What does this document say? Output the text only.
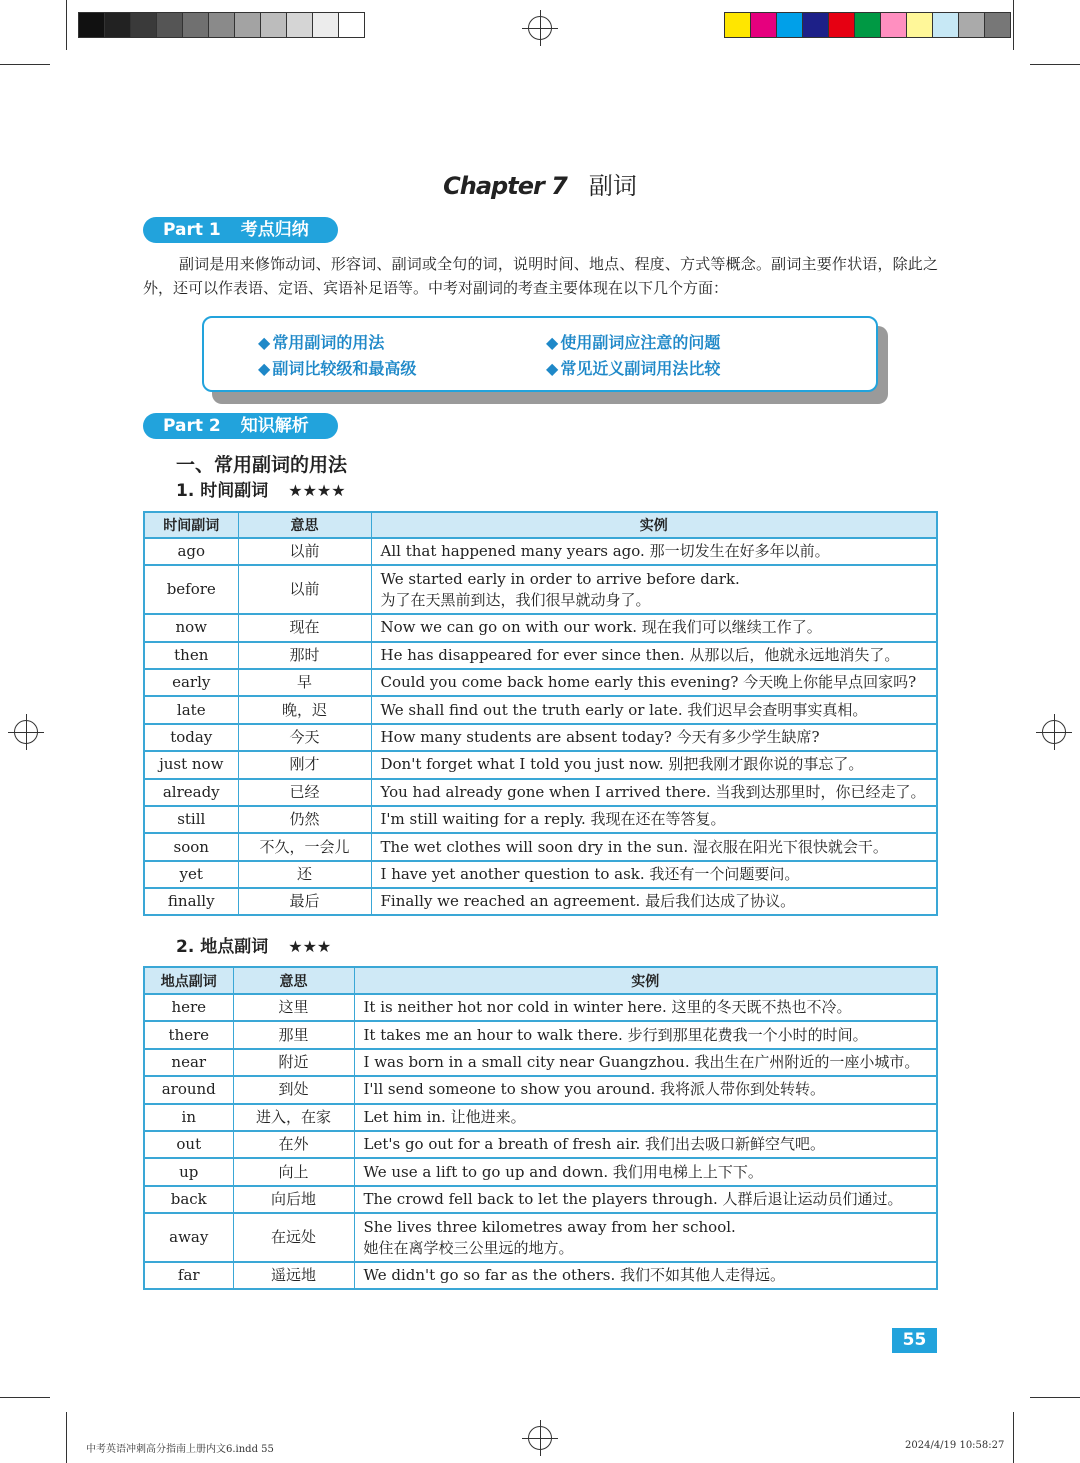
Chapter 7 副词
Part 1 考点归纳
副词是用来修饰动词、形容词、副词或全句的词，说明时间、地点、程度、方式等概念。副词主要作状语，除此之外，还可以作表语、定语、宾语补足语等。中考对副词的考查主要体现在以下几个方面：
◆ 常用副词的用法	◆ 使用副词应注意的问题
◆ 副词比较级和最高级	◆ 常见近义副词用法比较
Part 2 知识解析
一、常用副词的用法
1. 时间副词 ★★★★
时间副词	意思	实例
ago	以前	All that happened many years ago. 那一切发生在好多年以前。

before	以前	We started early in order to arrive before dark.
为了在天黑前到达，我们很早就动身了。

now	现在	Now we can go on with our work. 现在我们可以继续工作了。

then	那时	He has disappeared for ever since then. 从那以后，他就永远地消失了。

early	早	Could you come back home early this evening? 今天晚上你能早点回家吗?

late	晚，迟	We shall find out the truth early or late. 我们迟早会查明事实真相。

today	今天	How many students are absent today? 今天有多少学生缺席?

just now	刚才	Don't forget what I told you just now. 别把我刚才跟你说的事忘了。

already	已经	You had already gone when I arrived there. 当我到达那里时，你已经走了。

still	仍然	I'm still waiting for a reply. 我现在还在等答复。

soon	不久，一会儿	The wet clothes will soon dry in the sun. 湿衣服在阳光下很快就会干。

yet	还	I have yet another question to ask. 我还有一个问题要问。

finally	最后	Finally we reached an agreement. 最后我们达成了协议。
2. 地点副词 ★★★
地点副词	意思	实例
here	这里	It is neither hot nor cold in winter here. 这里的冬天既不热也不冷。

there	那里	It takes me an hour to walk there. 步行到那里花费我一个小时的时间。

near	附近	I was born in a small city near Guangzhou. 我出生在广州附近的一座小城市。

around	到处	I'll send someone to show you around. 我将派人带你到处转转。

in	进入，在家	Let him in. 让他进来。

out	在外	Let's go out for a breath of fresh air. 我们出去吸口新鲜空气吧。

up	向上	We use a lift to go up and down. 我们用电梯上上下下。

back	向后地	The crowd fell back to let the players through. 人群后退让运动员们通过。

away	在远处	She lives three kilometres away from her school.
她住在离学校三公里远的地方。

far	遥远地	We didn't go so far as the others. 我们不如其他人走得远。
55
中考英语冲刺高分指南上册内文6.indd 55	2024/4/19 10:58:27
